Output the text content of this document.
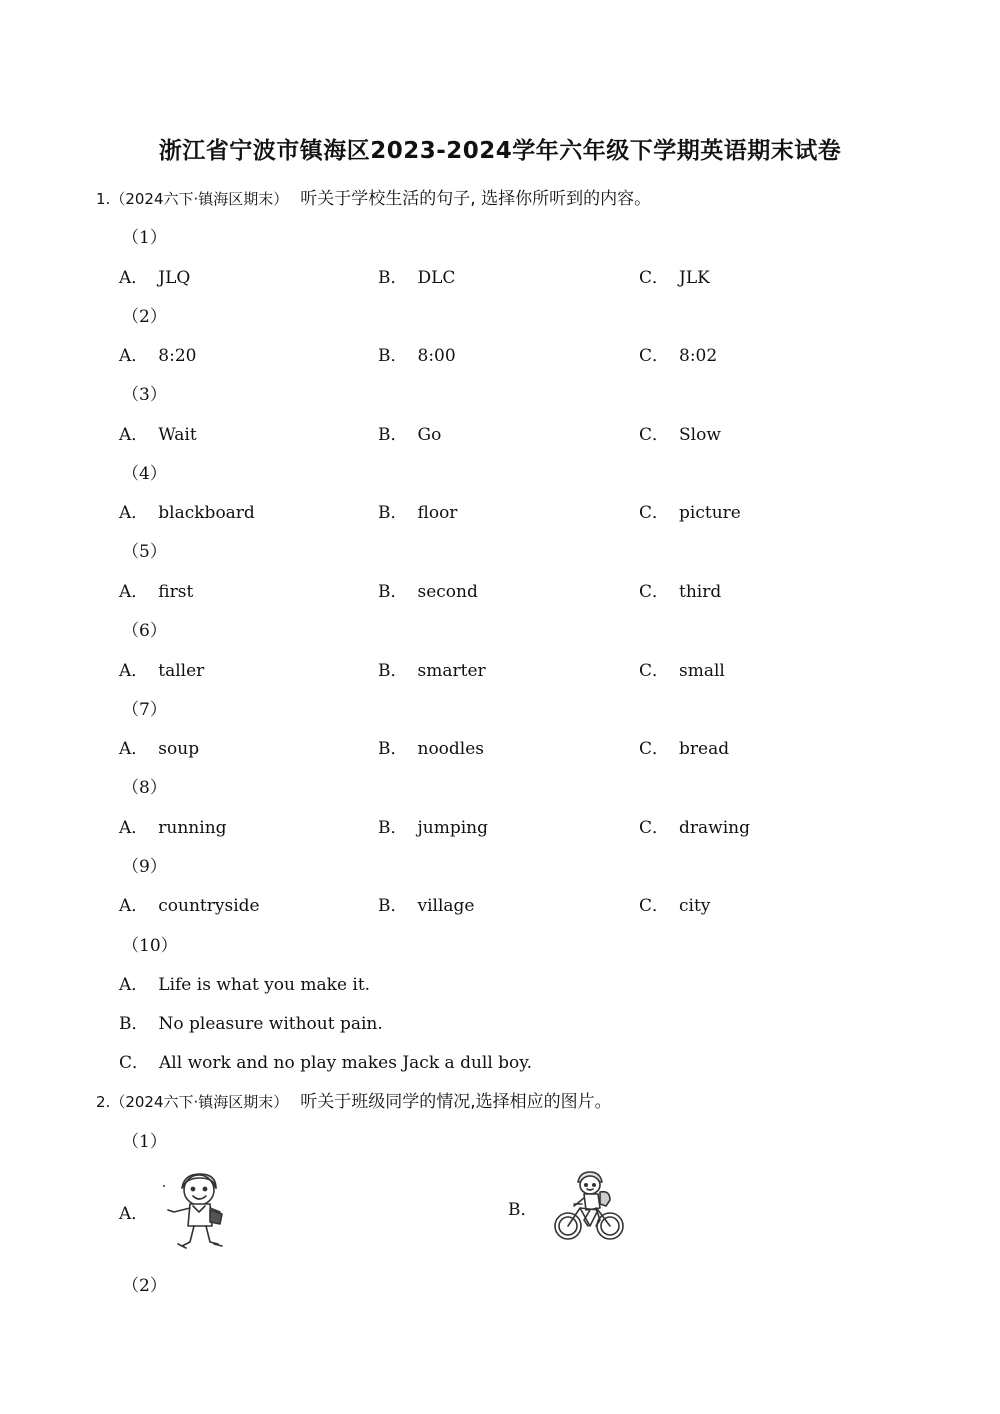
浙江省宁波市镇海区2023-2024学年六年级下学期英语期末试卷
1.（2024六下·镇海区期末） 听关于学校生活的句子, 选择你所听到的内容。
（1）
A． JLQ	B． DLC	C． JLK
（2）
A． 8:20	B． 8:00	C． 8:02
（3）
A． Wait	B． Go	C． Slow
（4）
A． blackboard	B． floor	C． picture
（5）
A． first	B． second	C． third
（6）
A． taller	B． smarter	C． small
（7）
A． soup	B． noodles	C． bread
（8）
A． running	B． jumping	C． drawing
（9）
A． countryside	B． village	C． city
（10）
A． Life is what you make it.
B． No pleasure without pain.
C． All work and no play makes Jack a dull boy.
2.（2024六下·镇海区期末） 听关于班级同学的情况,选择相应的图片。
（1）
A．	B．
（2）
